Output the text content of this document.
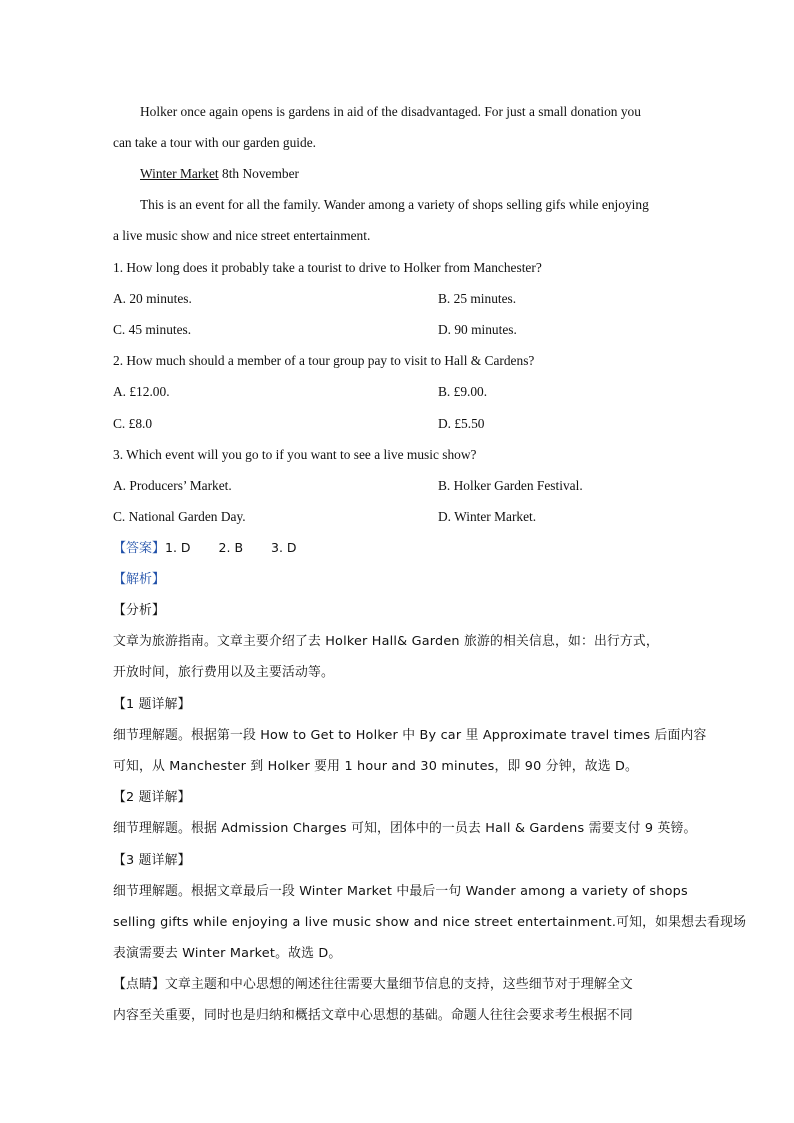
Holker once again opens is gardens in aid of the disadvantaged. For just a small donation you
can take a tour with our garden guide.
Winter Market 8th November
This is an event for all the family. Wander among a variety of shops selling gifs while enjoying
a live music show and nice street entertainment.
1. How long does it probably take a tourist to drive to Holker from Manchester?
A. 20 minutes.	B. 25 minutes.
C. 45 minutes.	D. 90 minutes.
2. How much should a member of a tour group pay to visit to Hall & Cardens?
A. £12.00.	B. £9.00.
C. £8.0	D. £5.50
3. Which event will you go to if you want to see a live music show?
A. Producers’ Market.	B. Holker Garden Festival.
C. National Garden Day.	D. Winter Market.
【答案】1. D 2. B 3. D
【解析】
【分析】
文章为旅游指南。文章主要介绍了去 Holker Hall& Garden 旅游的相关信息，如：出行方式，
开放时间，旅行费用以及主要活动等。
【1 题详解】
细节理解题。根据第一段 How to Get to Holker 中 By car 里 Approximate travel times 后面内容
可知，从 Manchester 到 Holker 要用 1 hour and 30 minutes，即 90 分钟，故选 D。
【2 题详解】
细节理解题。根据 Admission Charges 可知，团体中的一员去 Hall & Gardens 需要支付 9 英镑。
【3 题详解】
细节理解题。根据文章最后一段 Winter Market 中最后一句 Wander among a variety of shops
selling gifts while enjoying a live music show and nice street entertainment.可知，如果想去看现场
表演需要去 Winter Market。故选 D。
【点睛】文章主题和中心思想的阐述往往需要大量细节信息的支持，这些细节对于理解全文
内容至关重要，同时也是归纳和概括文章中心思想的基础。命题人往往会要求考生根据不同
